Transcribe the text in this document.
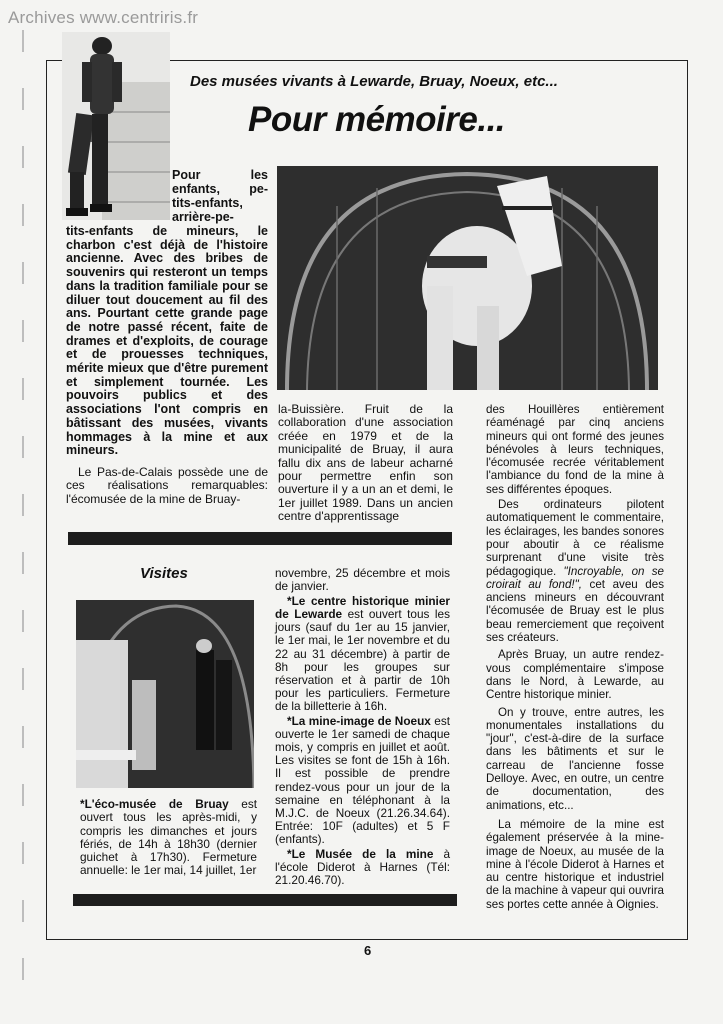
Archives www.centriris.fr
Des musées vivants à Lewarde, Bruay, Noeux, etc...
Pour mémoire...
Pour les
enfants, pe-
tits-enfants,
arrière-pe-

tits-enfants de mineurs, le charbon c'est déjà de l'histoire ancienne. Avec des bribes de souvenirs qui resteront un temps dans la tradition familiale pour se diluer tout doucement au fil des ans. Pourtant cette grande page de notre passé récent, faite de drames et d'exploits, de courage et de prouesses techniques, mérite mieux que d'être purement et simplement tournée. Les pouvoirs publics et des associations l'ont compris en bâtissant des musées, vivants hommages à la mine et aux mineurs.

Le Pas-de-Calais possède une de ces réalisations remarquables: l'écomusée de la mine de Bruay-

la-Buissière. Fruit de la collaboration d'une association créée en 1979 et de la municipalité de Bruay, il aura fallu dix ans de labeur acharné pour permettre enfin son ouverture il y a un an et demi, le 1er juillet 1989. Dans un ancien centre d'apprentissage

des Houillères entièrement réaménagé par cinq anciens mineurs qui ont formé des jeunes bénévoles à leurs techniques, l'écomusée recrée véritablement l'ambiance du fond de la mine à ses différentes époques.

Des ordinateurs pilotent automatiquement le commentaire, les éclairages, les bandes sonores pour aboutir à ce réalisme surprenant d'une visite très pédagogique. "Incroyable, on se croirait au fond!", cet aveu des anciens mineurs en découvrant l'écomusée de Bruay est le plus beau remerciement que reçoivent ses créateurs.

Après Bruay, un autre rendez-vous complémentaire s'impose dans le Nord, à Lewarde, au Centre historique minier.

On y trouve, entre autres, les monumentales installations du "jour", c'est-à-dire de la surface dans les bâtiments et sur le carreau de l'ancienne fosse Delloye. Avec, en outre, un centre de documentation, des animations, etc...

La mémoire de la mine est également préservée à la mine-image de Noeux, au musée de la mine à l'école Diderot à Harnes et au centre historique et industriel de la machine à vapeur qui ouvrira ses portes cette année à Oignies.

Visites

*L'éco-musée de Bruay est ouvert tous les après-midi, y compris les dimanches et jours fériés, de 14h à 18h30 (dernier guichet à 17h30). Fermeture annuelle: le 1er mai, 14 juillet, 1er

novembre, 25 décembre et mois de janvier.

*Le centre historique minier de Lewarde est ouvert tous les jours (sauf du 1er au 15 janvier, le 1er mai, le 1er novembre et du 22 au 31 décembre) à partir de 8h pour les groupes sur réservation et à partir de 10h pour les particuliers. Fermeture de la billetterie à 16h.

*La mine-image de Noeux est ouverte le 1er samedi de chaque mois, y compris en juillet et août. Les visites se font de 15h à 16h. Il est possible de prendre rendez-vous pour un jour de la semaine en téléphonant à la M.J.C. de Noeux (21.26.34.64). Entrée: 10F (adultes) et 5 F (enfants).

*Le Musée de la mine à l'école Diderot à Harnes (Tél: 21.20.46.70).

6
